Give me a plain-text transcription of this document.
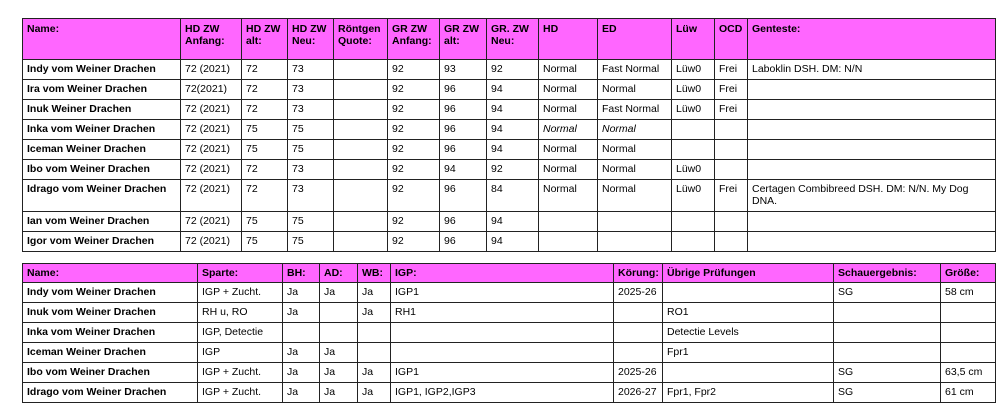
Name:	HD ZW Anfang:	HD ZW alt:	HD ZW Neu:	Röntgen Quote:	GR ZW Anfang:	GR ZW alt:	GR. ZW Neu:	HD	ED	Lüw	OCD	Genteste:
Indy vom Weiner Drachen	72 (2021)	72	73		92	93	92	Normal	Fast Normal	Lüw0	Frei	Laboklin DSH. DM: N/N
Ira vom Weiner Drachen	72(2021)	72	73		92	96	94	Normal	Normal	Lüw0	Frei	
Inuk Weiner Drachen	72 (2021)	72	73		92	96	94	Normal	Fast Normal	Lüw0	Frei	
Inka vom Weiner Drachen	72 (2021)	75	75		92	96	94	Normal	Normal			
Iceman Weiner Drachen	72 (2021)	75	75		92	96	94	Normal	Normal			
Ibo vom Weiner Drachen	72 (2021)	72	73		92	94	92	Normal	Normal	Lüw0		
Idrago vom Weiner Drachen	72 (2021)	72	73		92	96	84	Normal	Normal	Lüw0	Frei	Certagen Combibreed DSH. DM: N/N. My Dog DNA.
Ian vom Weiner Drachen	72 (2021)	75	75		92	96	94					
Igor vom Weiner Drachen	72 (2021)	75	75		92	96	94					
Name:	Sparte:	BH:	AD:	WB:	IGP:	Körung:	Übrige Prüfungen	Schauergebnis:	Größe:
Indy vom Weiner Drachen	IGP + Zucht.	Ja	Ja	Ja	IGP1	2025-26		SG	58 cm
Inuk vom Weiner Drachen	RH u, RO	Ja		Ja	RH1		RO1		
Inka vom Weiner Drachen	IGP, Detectie						Detectie Levels		
Iceman Weiner Drachen	IGP	Ja	Ja				Fpr1		
Ibo vom Weiner Drachen	IGP + Zucht.	Ja	Ja	Ja	IGP1	2025-26		SG	63,5 cm
Idrago vom Weiner Drachen	IGP + Zucht.	Ja	Ja	Ja	IGP1, IGP2,IGP3	2026-27	Fpr1, Fpr2	SG	61 cm
